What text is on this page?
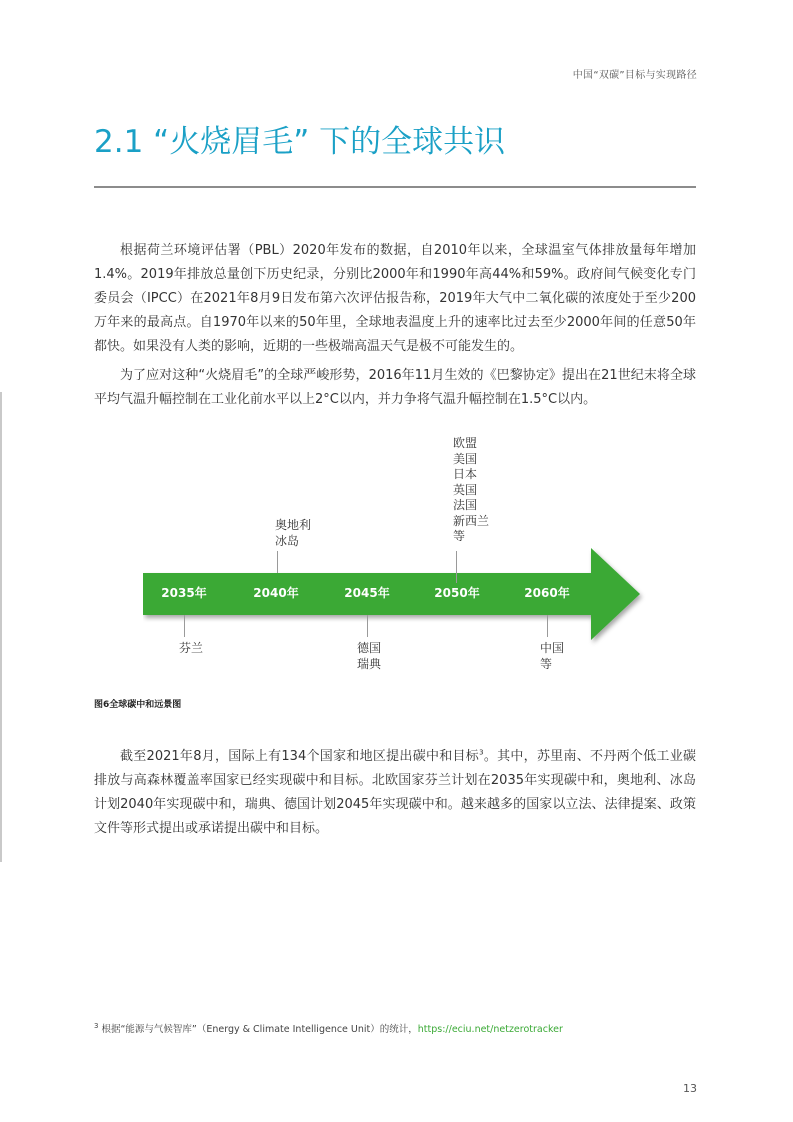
中国“双碳”目标与实现路径
2.1 “火烧眉毛” 下的全球共识

根据荷兰环境评估署（PBL）2020年发布的数据，自2010年以来，全球温室气体排放量每年增加1.4%。2019年排放总量创下历史纪录，分别比2000年和1990年高44%和59%。政府间气候变化专门委员会（IPCC）在2021年8月9日发布第六次评估报告称，2019年大气中二氧化碳的浓度处于至少200万年来的最高点。自1970年以来的50年里，全球地表温度上升的速率比过去至少2000年间的任意50年都快。如果没有人类的影响，近期的一些极端高温天气是极不可能发生的。

为了应对这种“火烧眉毛”的全球严峻形势，2016年11月生效的《巴黎协定》提出在21世纪末将全球平均气温升幅控制在工业化前水平以上2°C以内，并力争将气温升幅控制在1.5°C以内。

2035年	2040年	2045年	2050年	2060年
奥地利
冰岛
欧盟
美国
日本
英国
法国
新西兰
等
芬兰	德国
瑞典
中国
等
图6全球碳中和远景图

截至2021年8月，国际上有134个国家和地区提出碳中和目标$^3$。其中，苏里南、不丹两个低工业碳排放与高森林覆盖率国家已经实现碳中和目标。北欧国家芬兰计划在2035年实现碳中和，奥地利、冰岛计划2040年实现碳中和，瑞典、德国计划2045年实现碳中和。越来越多的国家以立法、法律提案、政策文件等形式提出或承诺提出碳中和目标。

$^3$ 根据“能源与气候智库”（Energy & Climate Intelligence Unit）的统计，https://eciu.net/netzerotracker
13
